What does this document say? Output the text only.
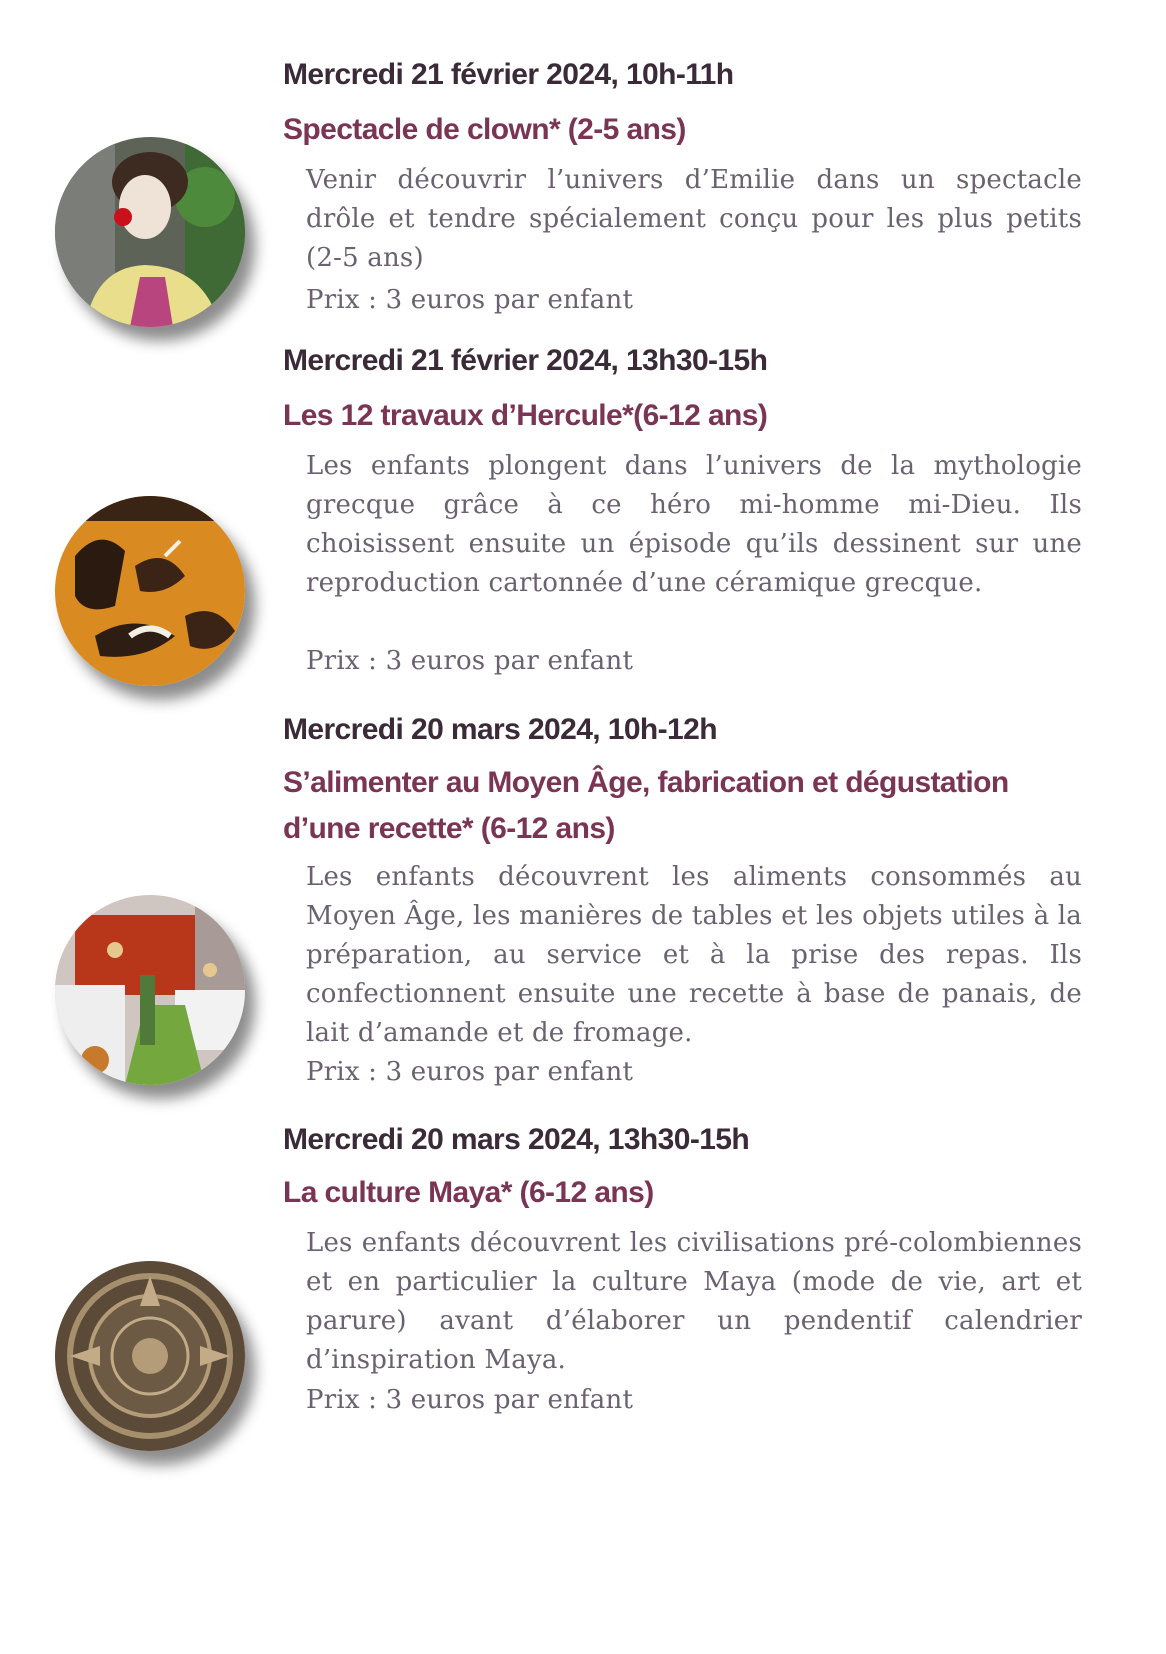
Mercredi 21 février 2024, 10h-11h
Spectacle de clown* (2-5 ans)

Venir découvrir l’univers d’Emilie dans un spectacle drôle et tendre spécialement conçu pour les plus petits (2-5 ans)

Prix : 3 euros par enfant

Mercredi 21 février 2024, 13h30-15h
Les 12 travaux d’Hercule*(6-12 ans)

Les enfants plongent dans l’univers de la mythologie grecque grâce à ce héro mi-homme mi-Dieu. Ils choisissent ensuite un épisode qu’ils dessinent sur une reproduction cartonnée d’une céramique grecque.

Prix : 3 euros par enfant

Mercredi 20 mars 2024, 10h-12h
S’alimenter au Moyen Âge, fabrication et dégustation d’une recette* (6-12 ans)

Les enfants découvrent les aliments consommés au Moyen Âge, les manières de tables et les objets utiles à la préparation, au service et à la prise des repas. Ils confectionnent ensuite une recette à base de panais, de lait d’amande et de fromage.

Prix : 3 euros par enfant

Mercredi 20 mars 2024, 13h30-15h
La culture Maya* (6-12 ans)

Les enfants découvrent les civilisations pré-colombiennes et en particulier la culture Maya (mode de vie, art et parure) avant d’élaborer un pendentif calendrier d’inspiration Maya.

Prix : 3 euros par enfant
